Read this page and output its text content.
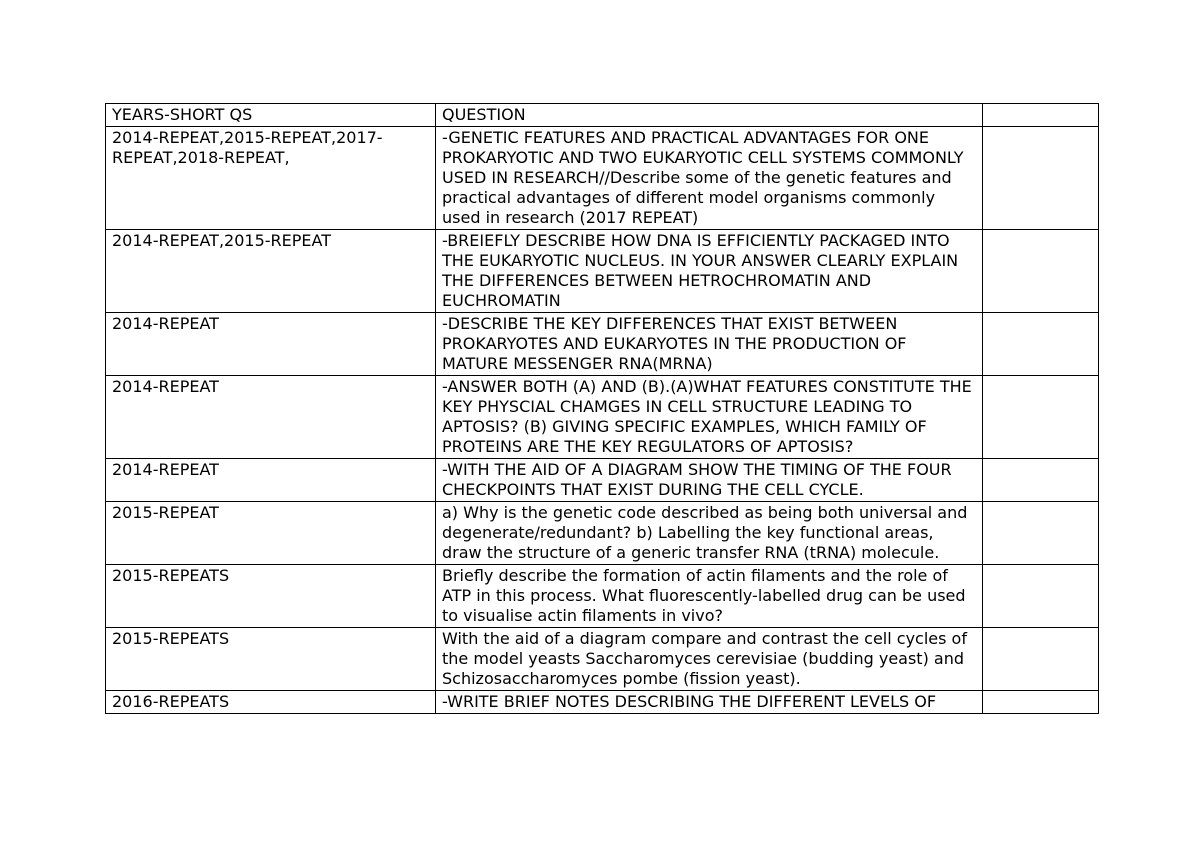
YEARS-SHORT QS	QUESTION	
2014-REPEAT,2015-REPEAT,2017-REPEAT,2018-REPEAT,	-GENETIC FEATURES AND PRACTICAL ADVANTAGES FOR ONE PROKARYOTIC AND TWO EUKARYOTIC CELL SYSTEMS COMMONLY USED IN RESEARCH//Describe some of the genetic features and practical advantages of different model organisms commonly used in research (2017 REPEAT)	
2014-REPEAT,2015-REPEAT	-BREIEFLY DESCRIBE HOW DNA IS EFFICIENTLY PACKAGED INTO THE EUKARYOTIC NUCLEUS. IN YOUR ANSWER CLEARLY EXPLAIN THE DIFFERENCES BETWEEN HETROCHROMATIN AND EUCHROMATIN	
2014-REPEAT	-DESCRIBE THE KEY DIFFERENCES THAT EXIST BETWEEN PROKARYOTES AND EUKARYOTES IN THE PRODUCTION OF MATURE MESSENGER RNA(MRNA)	
2014-REPEAT	-ANSWER BOTH (A) AND (B).(A)WHAT FEATURES CONSTITUTE THE KEY PHYSCIAL CHAMGES IN CELL STRUCTURE LEADING TO APTOSIS? (B) GIVING SPECIFIC EXAMPLES, WHICH FAMILY OF PROTEINS ARE THE KEY REGULATORS OF APTOSIS?	
2014-REPEAT	-WITH THE AID OF A DIAGRAM SHOW THE TIMING OF THE FOUR CHECKPOINTS THAT EXIST DURING THE CELL CYCLE.	
2015-REPEAT	a) Why is the genetic code described as being both universal and degenerate/redundant? b) Labelling the key functional areas, draw the structure of a generic transfer RNA (tRNA) molecule.	
2015-REPEATS	Briefly describe the formation of actin filaments and the role of ATP in this process. What fluorescently-labelled drug can be used to visualise actin filaments in vivo?	
2015-REPEATS	With the aid of a diagram compare and contrast the cell cycles of the model yeasts Saccharomyces cerevisiae (budding yeast) and Schizosaccharomyces pombe (fission yeast).	
2016-REPEATS	-WRITE BRIEF NOTES DESCRIBING THE DIFFERENT LEVELS OF	
